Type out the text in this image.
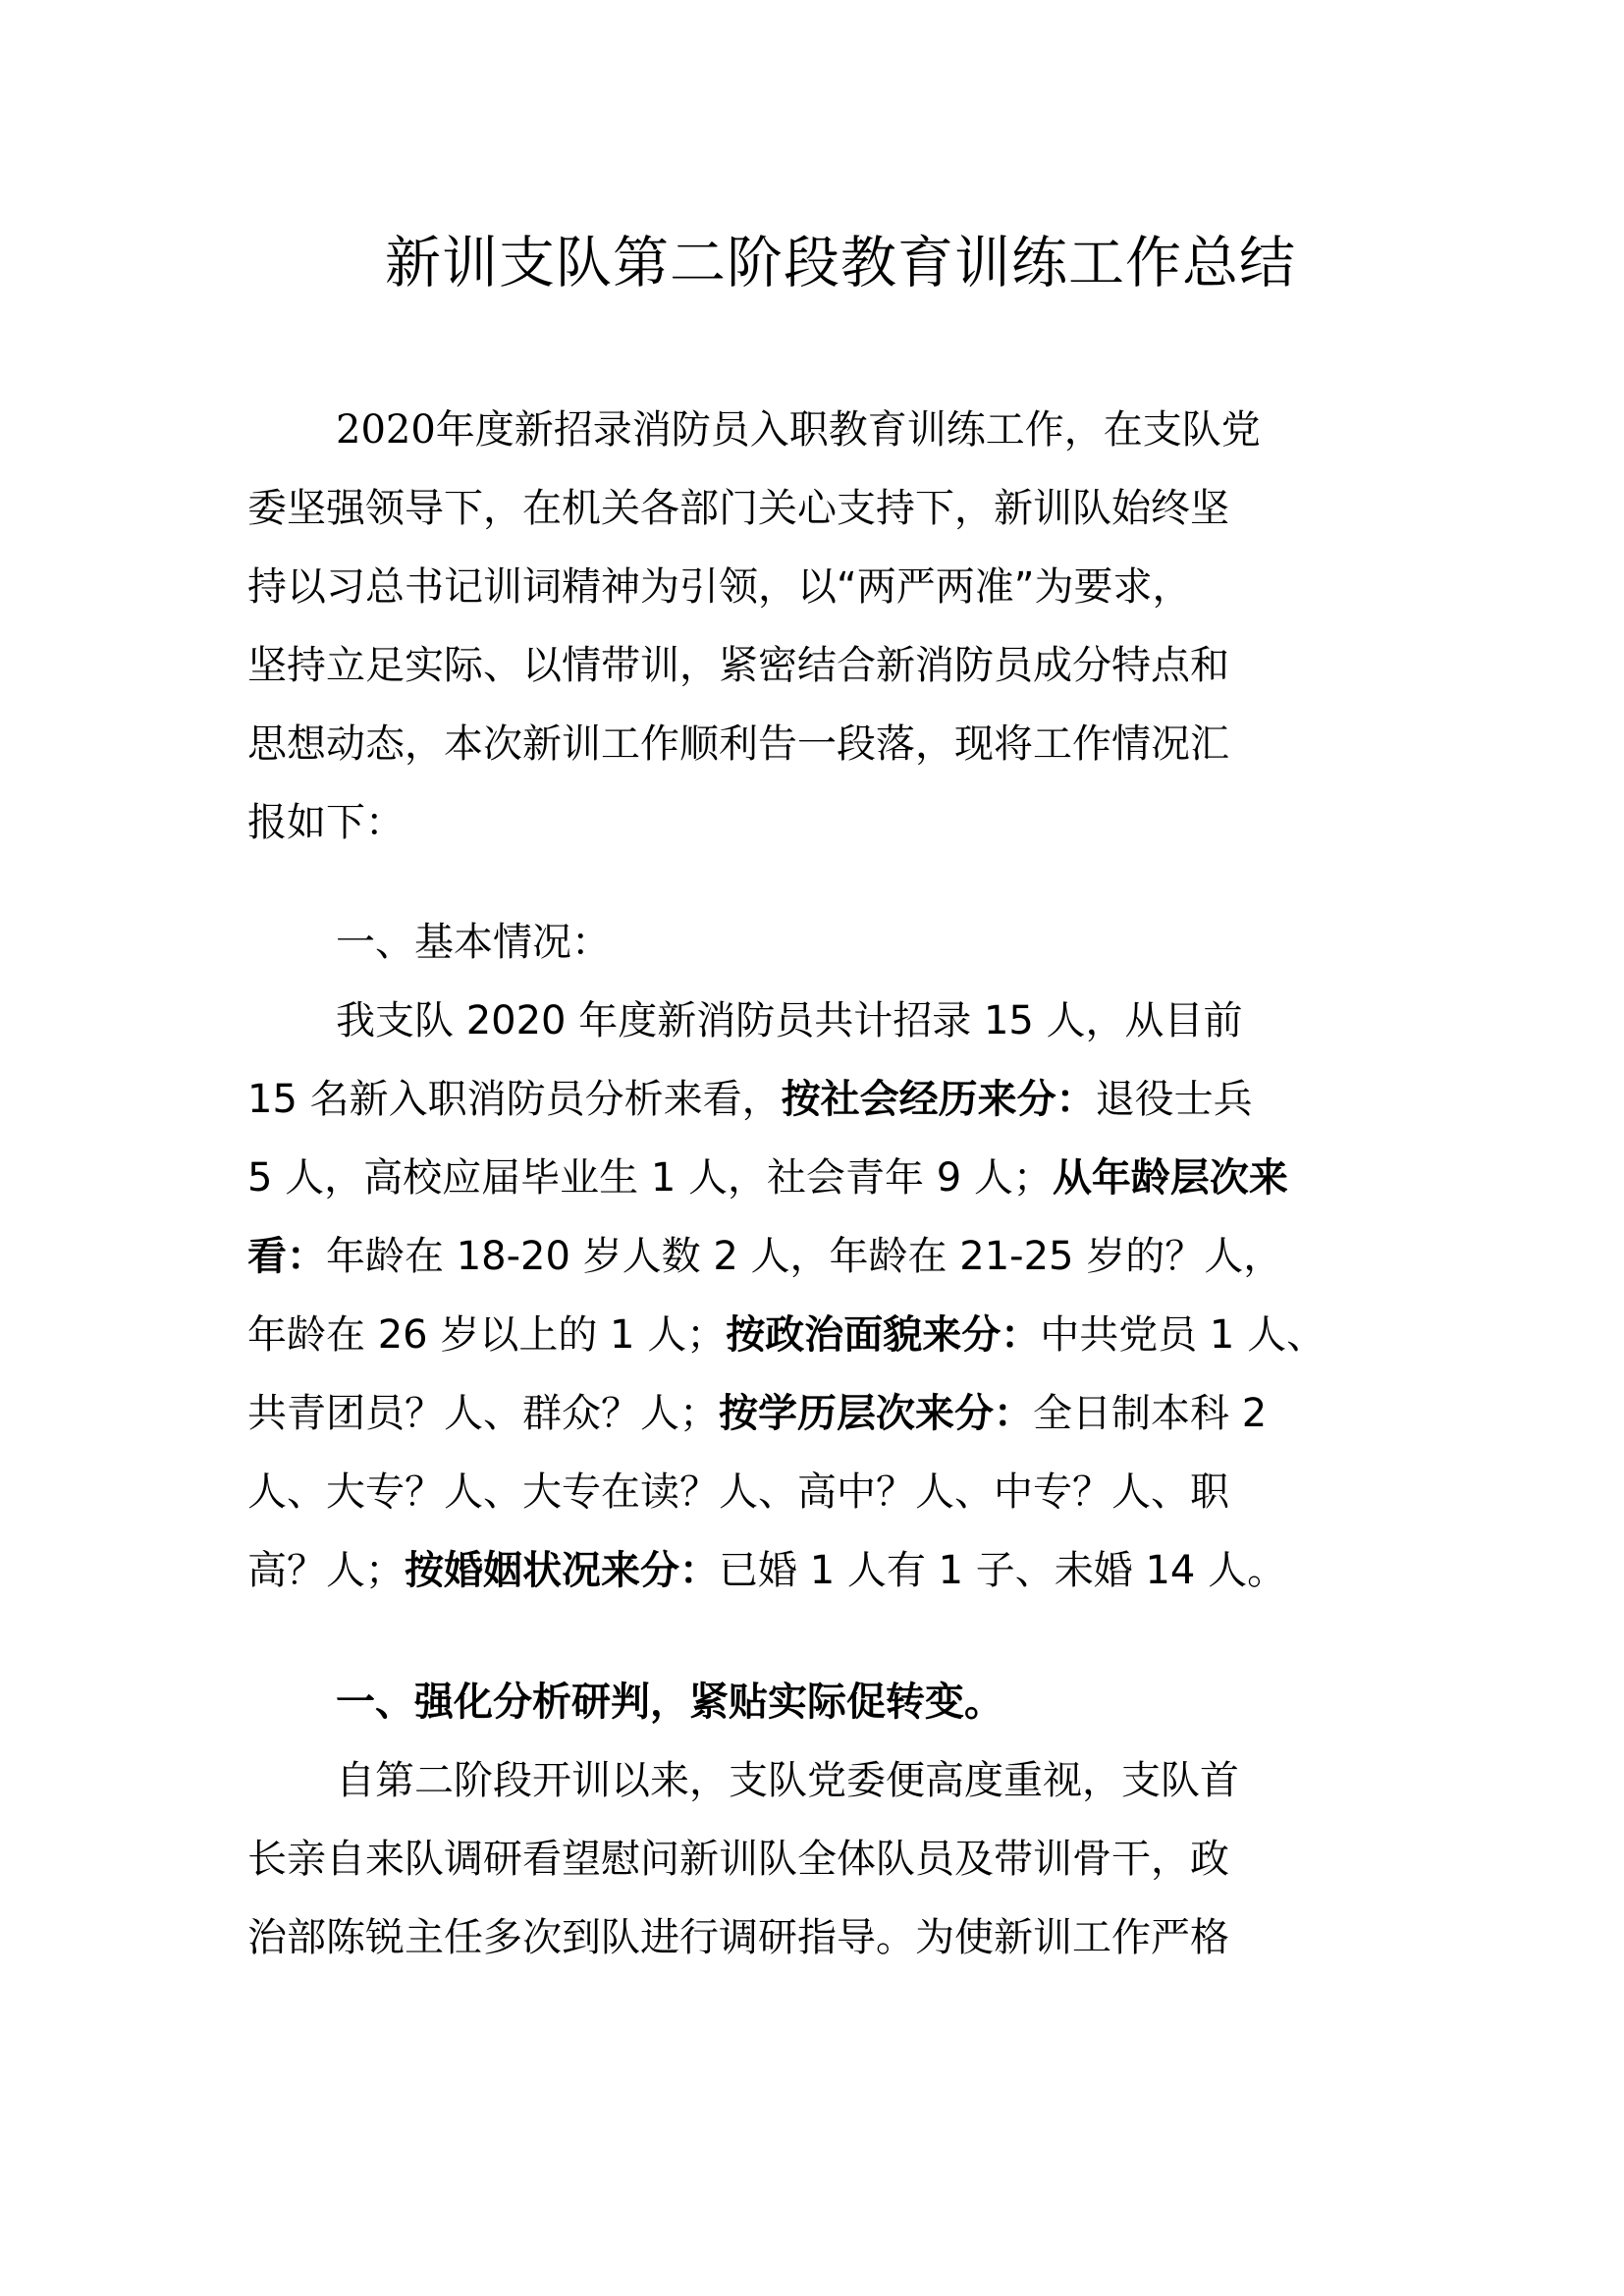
新训支队第二阶段教育训练工作总结
2020年度新招录消防员入职教育训练工作，在支队党
委坚强领导下，在机关各部门关心支持下，新训队始终坚
持以习总书记训词精神为引领，以“两严两准”为要求，
坚持立足实际、以情带训，紧密结合新消防员成分特点和
思想动态，本次新训工作顺利告一段落，现将工作情况汇
报如下：
一、基本情况：
我支队 2020 年度新消防员共计招录 15 人，从目前
15 名新入职消防员分析来看，按社会经历来分：退役士兵
5 人，高校应届毕业生 1 人，社会青年 9 人；从年龄层次来
看：年龄在 18-20 岁人数 2 人，年龄在 21-25 岁的？人，
年龄在 26 岁以上的 1 人；按政治面貌来分：中共党员 1 人、
共青团员？人、群众？人；按学历层次来分：全日制本科 2
人、大专？人、大专在读？人、高中？人、中专？人、职
高？人；按婚姻状况来分：已婚 1 人有 1 子、未婚 14 人。
一、强化分析研判，紧贴实际促转变。
自第二阶段开训以来，支队党委便高度重视，支队首
长亲自来队调研看望慰问新训队全体队员及带训骨干，政
治部陈锐主任多次到队进行调研指导。为使新训工作严格
